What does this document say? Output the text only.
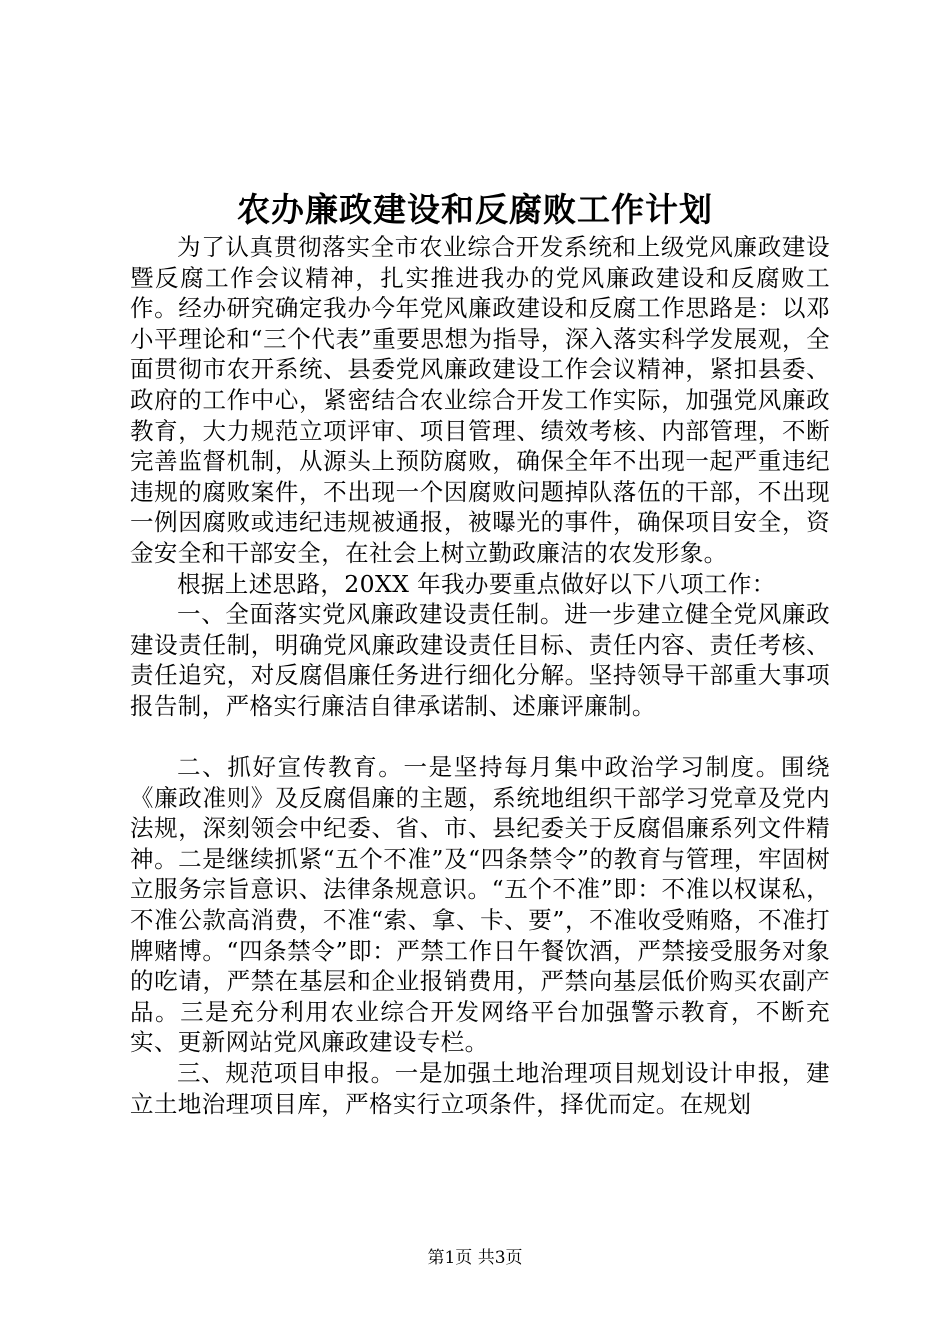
农办廉政建设和反腐败工作计划

为了认真贯彻落实全市农业综合开发系统和上级党风廉政建设暨反腐工作会议精神，扎实推进我办的党风廉政建设和反腐败工作。经办研究确定我办今年党风廉政建设和反腐工作思路是：以邓小平理论和“三个代表”重要思想为指导，深入落实科学发展观，全面贯彻市农开系统、县委党风廉政建设工作会议精神，紧扣县委、政府的工作中心，紧密结合农业综合开发工作实际，加强党风廉政教育，大力规范立项评审、项目管理、绩效考核、内部管理，不断完善监督机制，从源头上预防腐败，确保全年不出现一起严重违纪违规的腐败案件，不出现一个因腐败问题掉队落伍的干部，不出现一例因腐败或违纪违规被通报，被曝光的事件，确保项目安全，资金安全和干部安全，在社会上树立勤政廉洁的农发形象。

根据上述思路，20XX 年我办要重点做好以下八项工作：

一、全面落实党风廉政建设责任制。进一步建立健全党风廉政建设责任制，明确党风廉政建设责任目标、责任内容、责任考核、责任追究，对反腐倡廉任务进行细化分解。坚持领导干部重大事项报告制，严格实行廉洁自律承诺制、述廉评廉制。

二、抓好宣传教育。一是坚持每月集中政治学习制度。围绕《廉政准则》及反腐倡廉的主题，系统地组织干部学习党章及党内法规，深刻领会中纪委、省、市、县纪委关于反腐倡廉系列文件精神。二是继续抓紧“五个不准”及“四条禁令”的教育与管理，牢固树立服务宗旨意识、法律条规意识。“五个不准”即：不准以权谋私，不准公款高消费，不准“索、拿、卡、要”，不准收受贿赂，不准打牌赌博。“四条禁令”即：严禁工作日午餐饮酒，严禁接受服务对象的吃请，严禁在基层和企业报销费用，严禁向基层低价购买农副产品。三是充分利用农业综合开发网络平台加强警示教育，不断充实、更新网站党风廉政建设专栏。

三、规范项目申报。一是加强土地治理项目规划设计申报，建立土地治理项目库，严格实行立项条件，择优而定。在规划

第1页 共3页
